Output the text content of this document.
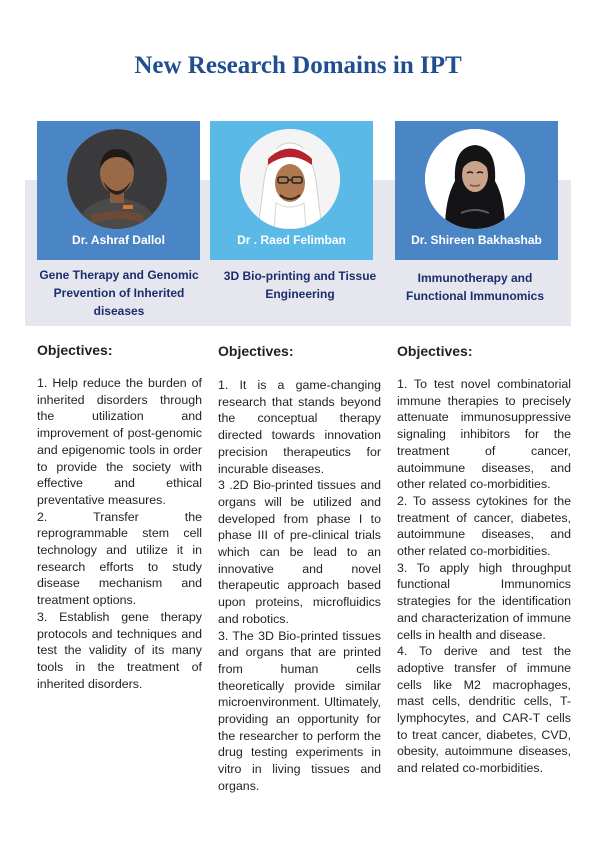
New Research Domains in IPT
Dr. Ashraf Dallol	Dr . Raed Felimban	Dr. Shireen Bakhashab
Gene Therapy and Genomic Prevention of Inherited diseases
3D Bio-printing and Tissue Engineering
Immunotherapy and Functional Immunomics
Objectives:	Objectives:	Objectives:

1. Help reduce the burden of inherited disorders through the utilization and improvement of post-genomic and epigenomic tools in order to provide the society with effective and ethical preventative measures.

2. Transfer the reprogrammable stem cell technology and utilize it in research efforts to study disease mechanism and treatment options.

3. Establish gene therapy protocols and techniques and test the validity of its many tools in the treatment of inherited disorders.

1. It is a game-changing research that stands beyond the conceptual therapy directed towards innovation precision therapeutics for incurable diseases.

3 .2D Bio-printed tissues and organs will be utilized and developed from phase I to phase III of pre-clinical trials which can be lead to an innovative and novel therapeutic approach based upon proteins, microfluidics and robotics.

3. The 3D Bio-printed tissues and organs that are printed from human cells theoretically provide similar microenvironment. Ultimately, providing an opportunity for the researcher to perform the drug testing experiments in vitro in living tissues and organs.

1. To test novel combinatorial immune therapies to precisely attenuate immunosuppressive signaling inhibitors for the treatment of cancer, autoimmune diseases, and other related co-morbidities.

2. To assess cytokines for the treatment of cancer, diabetes, autoimmune diseases, and other related co-morbidities.

3. To apply high throughput functional Immunomics strategies for the identification and characterization of immune cells in health and disease.

4. To derive and test the adoptive transfer of immune cells like M2 macrophages, mast cells, dendritic cells, T-lymphocytes, and CAR-T cells to treat cancer, diabetes, CVD, obesity, autoimmune diseases, and related co-morbidities.
